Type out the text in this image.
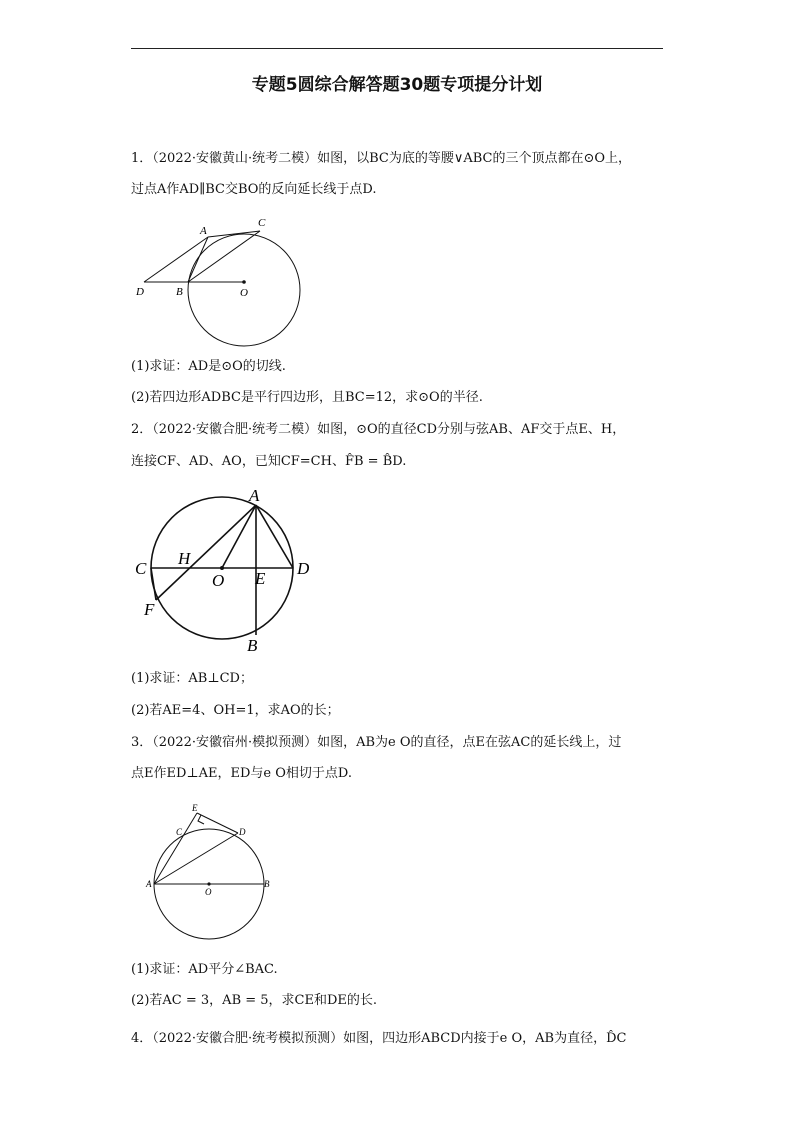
专题5圆综合解答题30题专项提分计划
1．（2022·安徽黄山·统考二模）如图，以BC为底的等腰∨ABC的三个顶点都在⊙O上，
过点A作AD∥BC交BO的反向延长线于点D.
A
C
D	B	O
(1)求证：AD是⊙O的切线.
(2)若四边形ADBC是平行四边形，且BC=12，求⊙O的半径.
2．（2022·安徽合肥·统考二模）如图，⊙O的直径CD分别与弦AB、AF交于点E、H，
连接CF、AD、AO，已知CF=CH、F̂B = B̂D.
A
C
H
O E
D
F
B
(1)求证：AB⊥CD；
(2)若AE=4、OH=1，求AO的长；
3．（2022·安徽宿州·模拟预测）如图，AB为e O的直径，点E在弦AC的延长线上，过
点E作ED⊥AE，ED与e O相切于点D.
E
C	D
A	B
O
(1)求证：AD平分∠BAC.
(2)若AC = 3，AB = 5，求CE和DE的长.
4．（2022·安徽合肥·统考模拟预测）如图，四边形ABCD内接于e O，AB为直径，D̂C
